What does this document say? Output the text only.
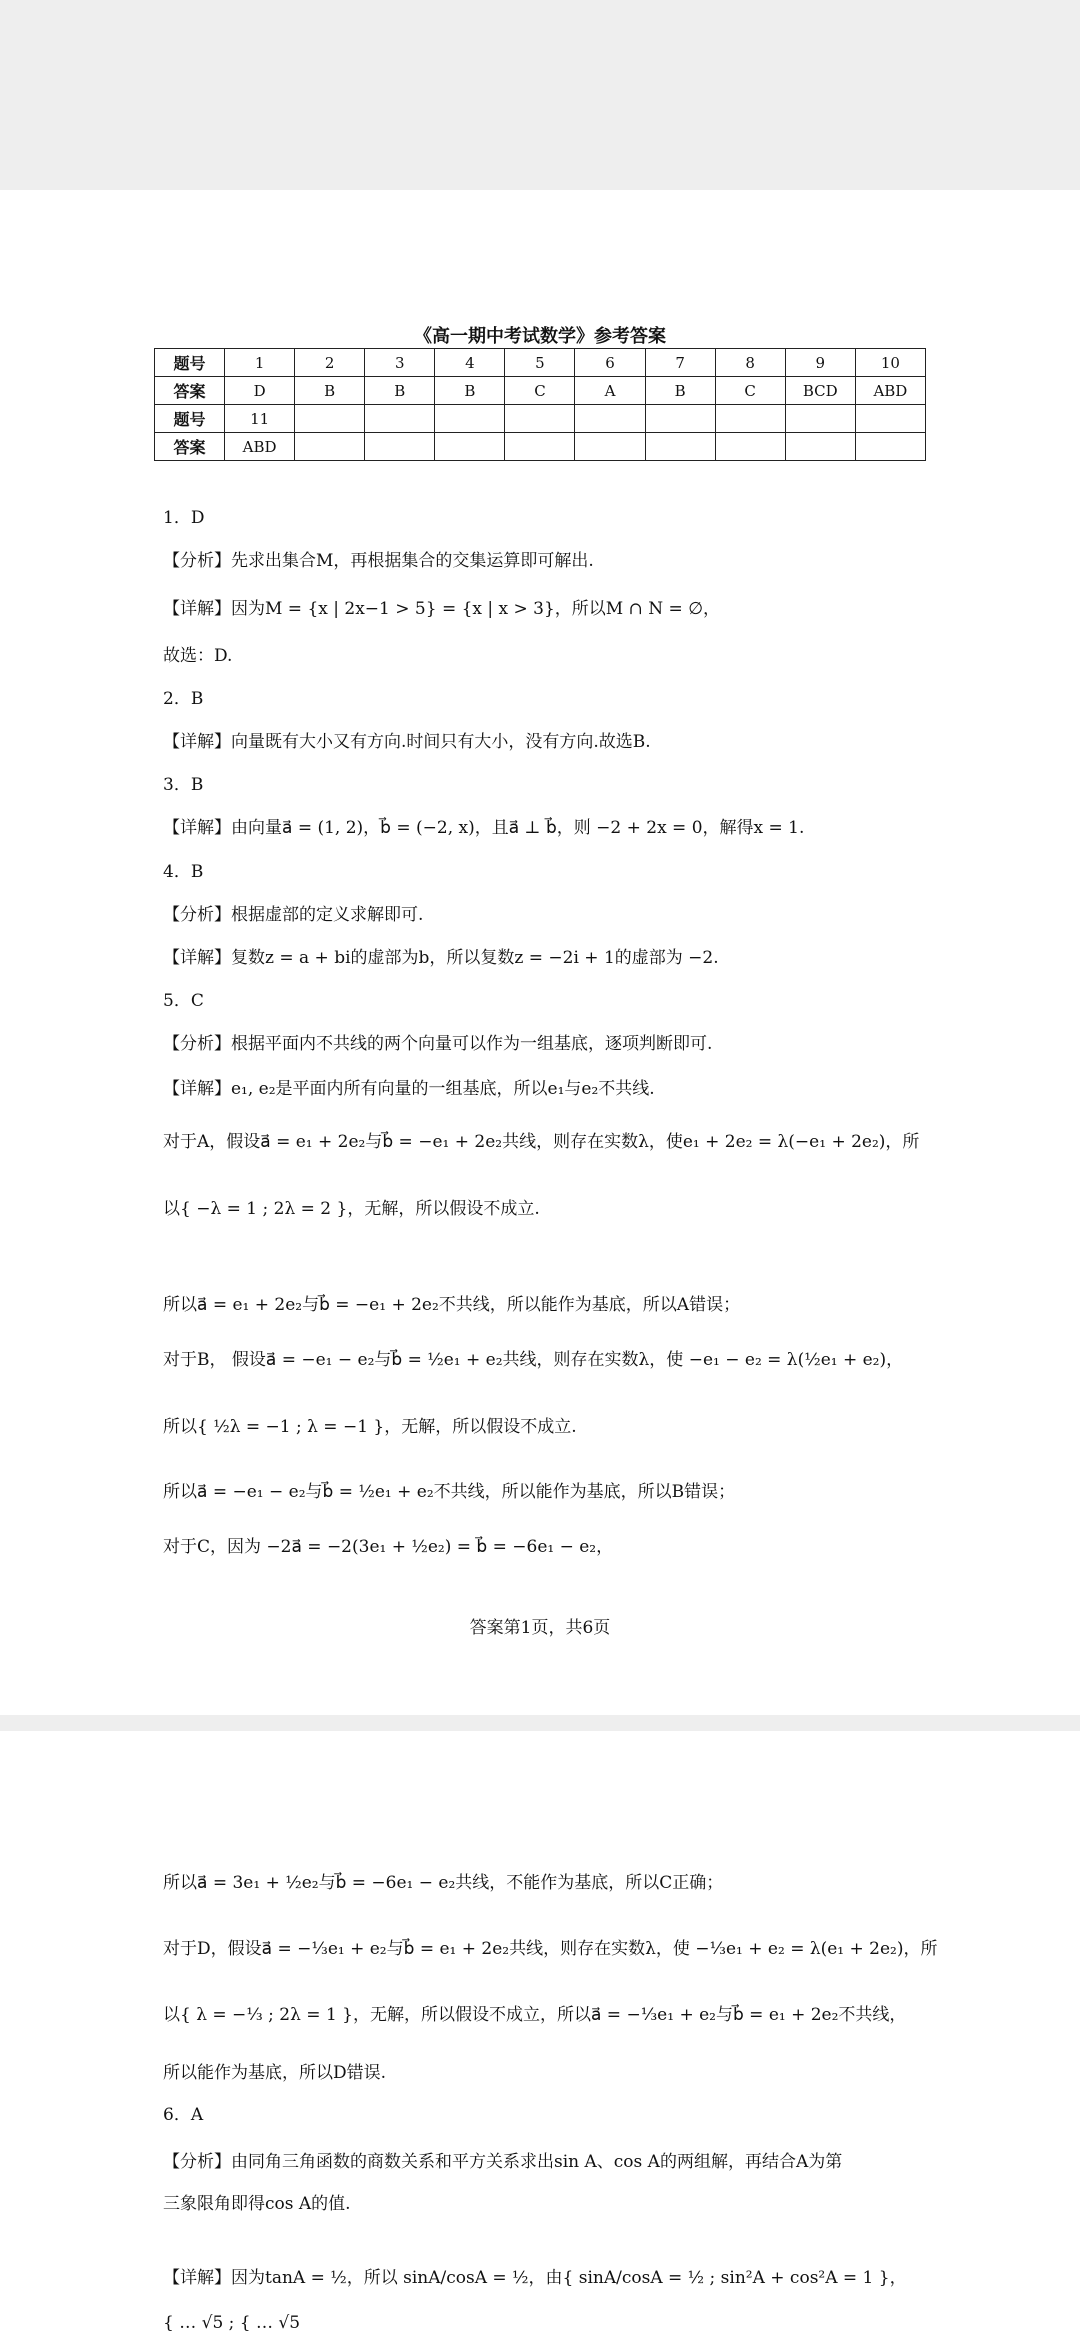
《高一期中考试数学》参考答案
题号	1	2	3	4	5	6	7	8	9	10
答案	D	B	B	B	C	A	B	C	BCD	ABD
题号	11									
答案	ABD									
1．D
【分析】先求出集合M，再根据集合的交集运算即可解出.
【详解】因为M = {x | 2x−1 > 5} = {x | x > 3}，所以M ∩ N = ∅，
故选：D.
2．B
【详解】向量既有大小又有方向.时间只有大小，没有方向.故选B.
3．B
【详解】由向量a⃗ = (1, 2)，b⃗ = (−2, x)，且a⃗ ⊥ b⃗，则 −2 + 2x = 0，解得x = 1.
4．B
【分析】根据虚部的定义求解即可.
【详解】复数z = a + bi的虚部为b，所以复数z = −2i + 1的虚部为 −2.
5．C
【分析】根据平面内不共线的两个向量可以作为一组基底，逐项判断即可.
【详解】e₁, e₂是平面内所有向量的一组基底，所以e₁与e₂不共线.
对于A，假设a⃗ = e₁ + 2e₂与b⃗ = −e₁ + 2e₂共线，则存在实数λ，使e₁ + 2e₂ = λ(−e₁ + 2e₂)，所
以{ −λ = 1 ; 2λ = 2 }，无解，所以假设不成立.
所以a⃗ = e₁ + 2e₂与b⃗ = −e₁ + 2e₂不共线，所以能作为基底，所以A错误；
对于B， 假设a⃗ = −e₁ − e₂与b⃗ = ½e₁ + e₂共线，则存在实数λ，使 −e₁ − e₂ = λ(½e₁ + e₂)，
所以{ ½λ = −1 ; λ = −1 }，无解，所以假设不成立.
所以a⃗ = −e₁ − e₂与b⃗ = ½e₁ + e₂不共线，所以能作为基底，所以B错误；
对于C，因为 −2a⃗ = −2(3e₁ + ½e₂) = b⃗ = −6e₁ − e₂，
答案第1页，共6页
所以a⃗ = 3e₁ + ½e₂与b⃗ = −6e₁ − e₂共线，不能作为基底，所以C正确；
对于D，假设a⃗ = −⅓e₁ + e₂与b⃗ = e₁ + 2e₂共线，则存在实数λ，使 −⅓e₁ + e₂ = λ(e₁ + 2e₂)，所
以{ λ = −⅓ ; 2λ = 1 }，无解，所以假设不成立，所以a⃗ = −⅓e₁ + e₂与b⃗ = e₁ + 2e₂不共线，
所以能作为基底，所以D错误.
6．A
【分析】由同角三角函数的商数关系和平方关系求出sin A、cos A的两组解，再结合A为第
三象限角即得cos A的值.
【详解】因为tanA = ½，所以 sinA/cosA = ½，由{ sinA/cosA = ½ ; sin²A + cos²A = 1 }，
{ … √5 ; { … √5
